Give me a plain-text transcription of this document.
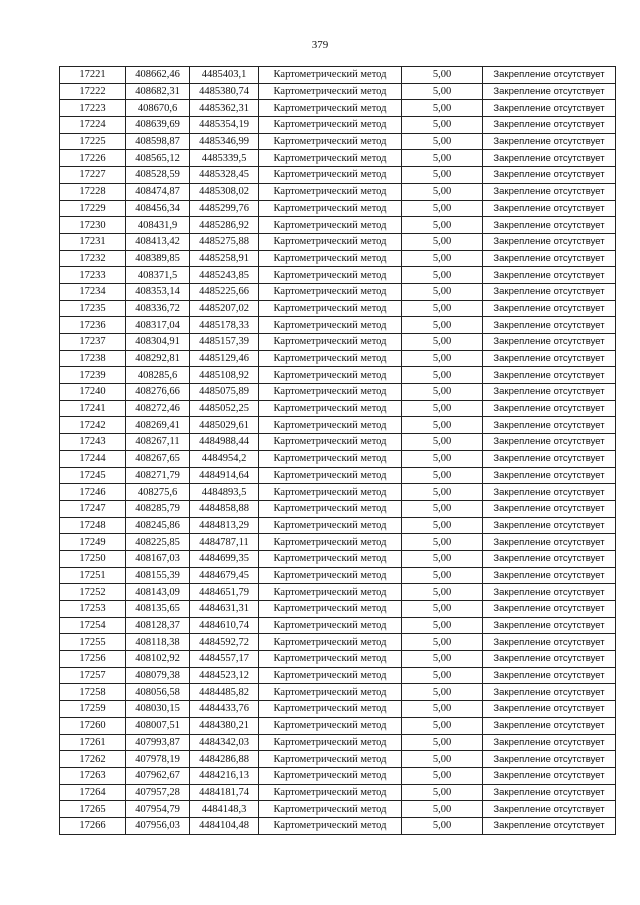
379
17221	408662,46	4485403,1	Картометрический метод	5,00	Закрепление отсутствует
17222	408682,31	4485380,74	Картометрический метод	5,00	Закрепление отсутствует
17223	408670,6	4485362,31	Картометрический метод	5,00	Закрепление отсутствует
17224	408639,69	4485354,19	Картометрический метод	5,00	Закрепление отсутствует
17225	408598,87	4485346,99	Картометрический метод	5,00	Закрепление отсутствует
17226	408565,12	4485339,5	Картометрический метод	5,00	Закрепление отсутствует
17227	408528,59	4485328,45	Картометрический метод	5,00	Закрепление отсутствует
17228	408474,87	4485308,02	Картометрический метод	5,00	Закрепление отсутствует
17229	408456,34	4485299,76	Картометрический метод	5,00	Закрепление отсутствует
17230	408431,9	4485286,92	Картометрический метод	5,00	Закрепление отсутствует
17231	408413,42	4485275,88	Картометрический метод	5,00	Закрепление отсутствует
17232	408389,85	4485258,91	Картометрический метод	5,00	Закрепление отсутствует
17233	408371,5	4485243,85	Картометрический метод	5,00	Закрепление отсутствует
17234	408353,14	4485225,66	Картометрический метод	5,00	Закрепление отсутствует
17235	408336,72	4485207,02	Картометрический метод	5,00	Закрепление отсутствует
17236	408317,04	4485178,33	Картометрический метод	5,00	Закрепление отсутствует
17237	408304,91	4485157,39	Картометрический метод	5,00	Закрепление отсутствует
17238	408292,81	4485129,46	Картометрический метод	5,00	Закрепление отсутствует
17239	408285,6	4485108,92	Картометрический метод	5,00	Закрепление отсутствует
17240	408276,66	4485075,89	Картометрический метод	5,00	Закрепление отсутствует
17241	408272,46	4485052,25	Картометрический метод	5,00	Закрепление отсутствует
17242	408269,41	4485029,61	Картометрический метод	5,00	Закрепление отсутствует
17243	408267,11	4484988,44	Картометрический метод	5,00	Закрепление отсутствует
17244	408267,65	4484954,2	Картометрический метод	5,00	Закрепление отсутствует
17245	408271,79	4484914,64	Картометрический метод	5,00	Закрепление отсутствует
17246	408275,6	4484893,5	Картометрический метод	5,00	Закрепление отсутствует
17247	408285,79	4484858,88	Картометрический метод	5,00	Закрепление отсутствует
17248	408245,86	4484813,29	Картометрический метод	5,00	Закрепление отсутствует
17249	408225,85	4484787,11	Картометрический метод	5,00	Закрепление отсутствует
17250	408167,03	4484699,35	Картометрический метод	5,00	Закрепление отсутствует
17251	408155,39	4484679,45	Картометрический метод	5,00	Закрепление отсутствует
17252	408143,09	4484651,79	Картометрический метод	5,00	Закрепление отсутствует
17253	408135,65	4484631,31	Картометрический метод	5,00	Закрепление отсутствует
17254	408128,37	4484610,74	Картометрический метод	5,00	Закрепление отсутствует
17255	408118,38	4484592,72	Картометрический метод	5,00	Закрепление отсутствует
17256	408102,92	4484557,17	Картометрический метод	5,00	Закрепление отсутствует
17257	408079,38	4484523,12	Картометрический метод	5,00	Закрепление отсутствует
17258	408056,58	4484485,82	Картометрический метод	5,00	Закрепление отсутствует
17259	408030,15	4484433,76	Картометрический метод	5,00	Закрепление отсутствует
17260	408007,51	4484380,21	Картометрический метод	5,00	Закрепление отсутствует
17261	407993,87	4484342,03	Картометрический метод	5,00	Закрепление отсутствует
17262	407978,19	4484286,88	Картометрический метод	5,00	Закрепление отсутствует
17263	407962,67	4484216,13	Картометрический метод	5,00	Закрепление отсутствует
17264	407957,28	4484181,74	Картометрический метод	5,00	Закрепление отсутствует
17265	407954,79	4484148,3	Картометрический метод	5,00	Закрепление отсутствует
17266	407956,03	4484104,48	Картометрический метод	5,00	Закрепление отсутствует
